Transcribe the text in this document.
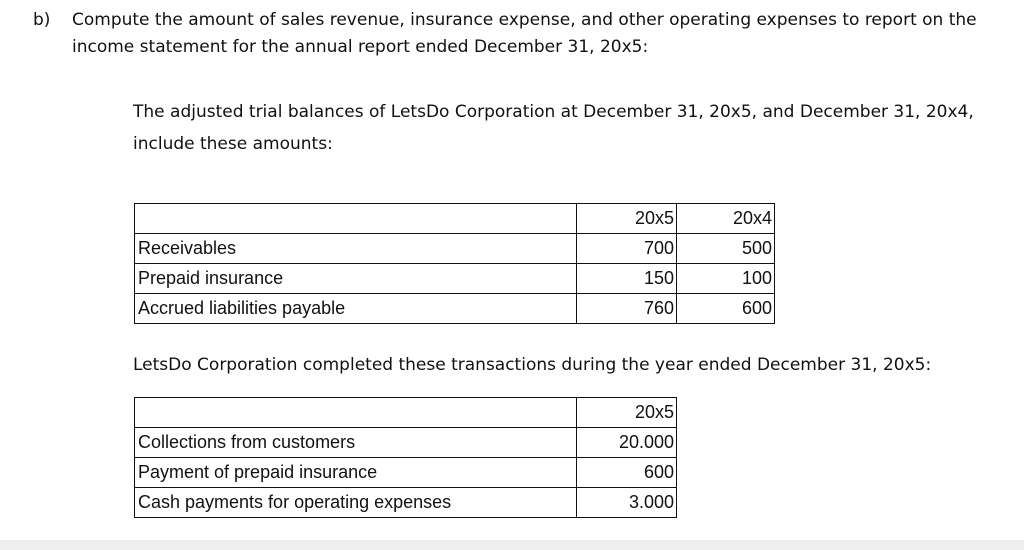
b) Compute the amount of sales revenue, insurance expense, and other operating expenses to report on the income statement for the annual report ended December 31, 20x5:
The adjusted trial balances of LetsDo Corporation at December 31, 20x5, and December 31, 20x4, include these amounts:
	20x5	20x4
Receivables	700	500
Prepaid insurance	150	100
Accrued liabilities payable	760	600
LetsDo Corporation completed these transactions during the year ended December 31, 20x5:
	20x5
Collections from customers	20.000
Payment of prepaid insurance	600
Cash payments for operating expenses	3.000
